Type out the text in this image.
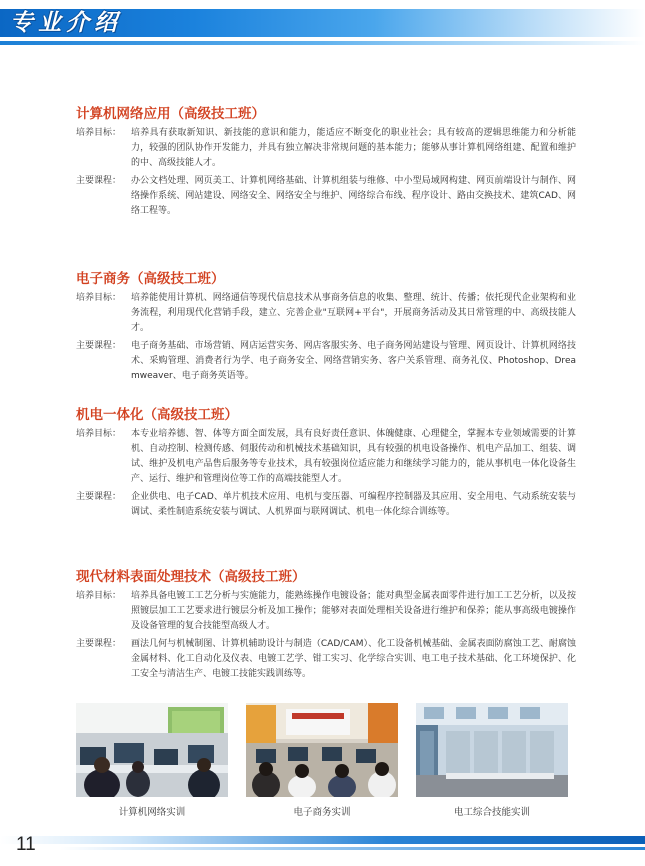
专业介绍
计算机网络应用（高级技工班）
培养目标：	培养具有获取新知识、新技能的意识和能力，能适应不断变化的职业社会；具有较高的逻辑思维能力和分析能力，较强的团队协作开发能力，并具有独立解决非常规问题的基本能力；能够从事计算机网络组建、配置和维护的中、高级技能人才。
主要课程：	办公文档处理、网页美工、计算机网络基础、计算机组装与维修、中小型局域网构建、网页前端设计与制作、网络操作系统、网站建设、网络安全、网络安全与维护、网络综合布线、程序设计、路由交换技术、建筑CAD、网络工程等。
电子商务（高级技工班）
培养目标：	培养能使用计算机、网络通信等现代信息技术从事商务信息的收集、整理、统计、传播；依托现代企业架构和业务流程，利用现代化营销手段，建立、完善企业"互联网+平台"，开展商务活动及其日常管理的中、高级技能人才。
主要课程：	电子商务基础、市场营销、网店运营实务、网店客服实务、电子商务网站建设与管理、网页设计、计算机网络技术、采购管理、消费者行为学、电子商务安全、网络营销实务、客户关系管理、商务礼仪、Photoshop、Dreamweaver、电子商务英语等。
机电一体化（高级技工班）
培养目标：	本专业培养德、智、体等方面全面发展，具有良好责任意识、体魄健康、心理健全，掌握本专业领域需要的计算机、自动控制、检测传感、伺服传动和机械技术基础知识，具有较强的机电设备操作、机电产品加工、组装、调试、维护及机电产品售后服务等专业技术，具有较强岗位适应能力和继续学习能力的，能从事机电一体化设备生产、运行、维护和管理岗位等工作的高端技能型人才。
主要课程：	企业供电、电子CAD、单片机技术应用、电机与变压器、可编程序控制器及其应用、安全用电、气动系统安装与调试、柔性制造系统安装与调试、人机界面与联网调试、机电一体化综合训练等。
现代材料表面处理技术（高级技工班）
培养目标：	培养具备电镀工工艺分析与实施能力，能熟练操作电镀设备；能对典型金属表面零件进行加工工艺分析，以及按照镀层加工工艺要求进行镀层分析及加工操作；能够对表面处理相关设备进行维护和保养；能从事高级电镀操作及设备管理的复合技能型高级人才。
主要课程：	画法几何与机械制图、计算机辅助设计与制造（CAD/CAM）、化工设备机械基础、金属表面防腐蚀工艺、耐腐蚀金属材料、化工自动化及仪表、电镀工艺学、钳工实习、化学综合实训、电工电子技术基础、化工环境保护、化工安全与清洁生产、电镀工技能实践训练等。
计算机网络实训	电子商务实训	电工综合技能实训
11
